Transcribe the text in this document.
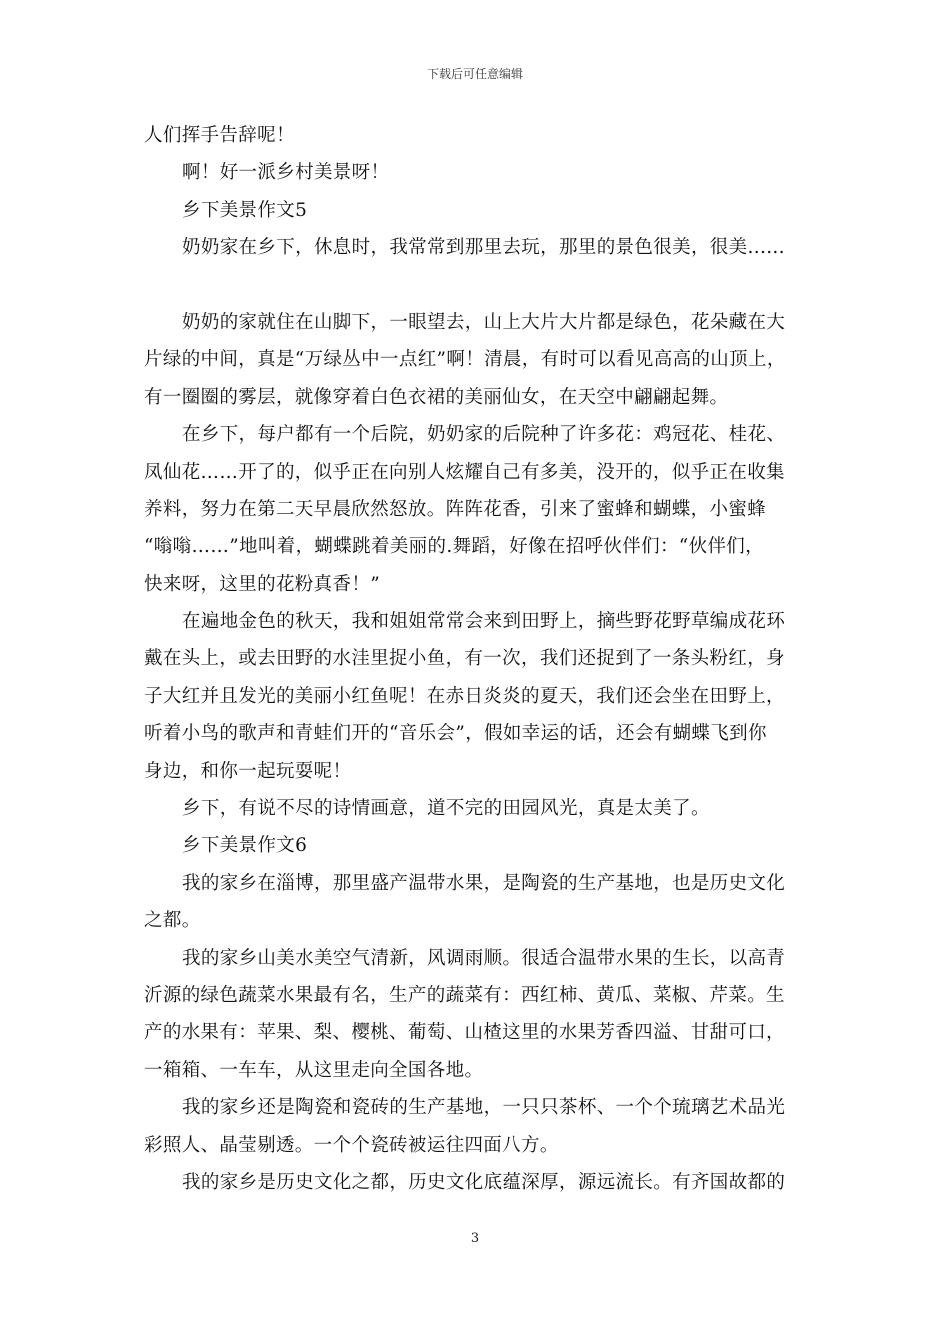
下载后可任意编辑

人们挥手告辞呢！

啊！好一派乡村美景呀！

乡下美景作文5

奶奶家在乡下，休息时，我常常到那里去玩，那里的景色很美，很美......

奶奶的家就住在山脚下，一眼望去，山上大片大片都是绿色，花朵藏在大

片绿的中间，真是“万绿丛中一点红”啊！清晨，有时可以看见高高的山顶上，

有一圈圈的雾层，就像穿着白色衣裙的美丽仙女，在天空中翩翩起舞。

在乡下，每户都有一个后院，奶奶家的后院种了许多花：鸡冠花、桂花、

凤仙花……开了的，似乎正在向别人炫耀自己有多美，没开的，似乎正在收集

养料，努力在第二天早晨欣然怒放。阵阵花香，引来了蜜蜂和蝴蝶，小蜜蜂

“嗡嗡……”地叫着，蝴蝶跳着美丽的.舞蹈，好像在招呼伙伴们：“伙伴们，

快来呀，这里的花粉真香！”

在遍地金色的秋天，我和姐姐常常会来到田野上，摘些野花野草编成花环

戴在头上，或去田野的水洼里捉小鱼，有一次，我们还捉到了一条头粉红，身

子大红并且发光的美丽小红鱼呢！在赤日炎炎的夏天，我们还会坐在田野上，

听着小鸟的歌声和青蛙们开的“音乐会”，假如幸运的话，还会有蝴蝶飞到你

身边，和你一起玩耍呢！

乡下，有说不尽的诗情画意，道不完的田园风光，真是太美了。

乡下美景作文6

我的家乡在淄博，那里盛产温带水果，是陶瓷的生产基地，也是历史文化

之都。

我的家乡山美水美空气清新，风调雨顺。很适合温带水果的生长，以高青

沂源的绿色蔬菜水果最有名，生产的蔬菜有：西红柿、黄瓜、菜椒、芹菜。生

产的水果有：苹果、梨、樱桃、葡萄、山楂这里的水果芳香四溢、甘甜可口，

一箱箱、一车车，从这里走向全国各地。

我的家乡还是陶瓷和瓷砖的生产基地，一只只茶杯、一个个琉璃艺术品光

彩照人、晶莹剔透。一个个瓷砖被运往四面八方。

我的家乡是历史文化之都，历史文化底蕴深厚，源远流长。有齐国故都的

3
